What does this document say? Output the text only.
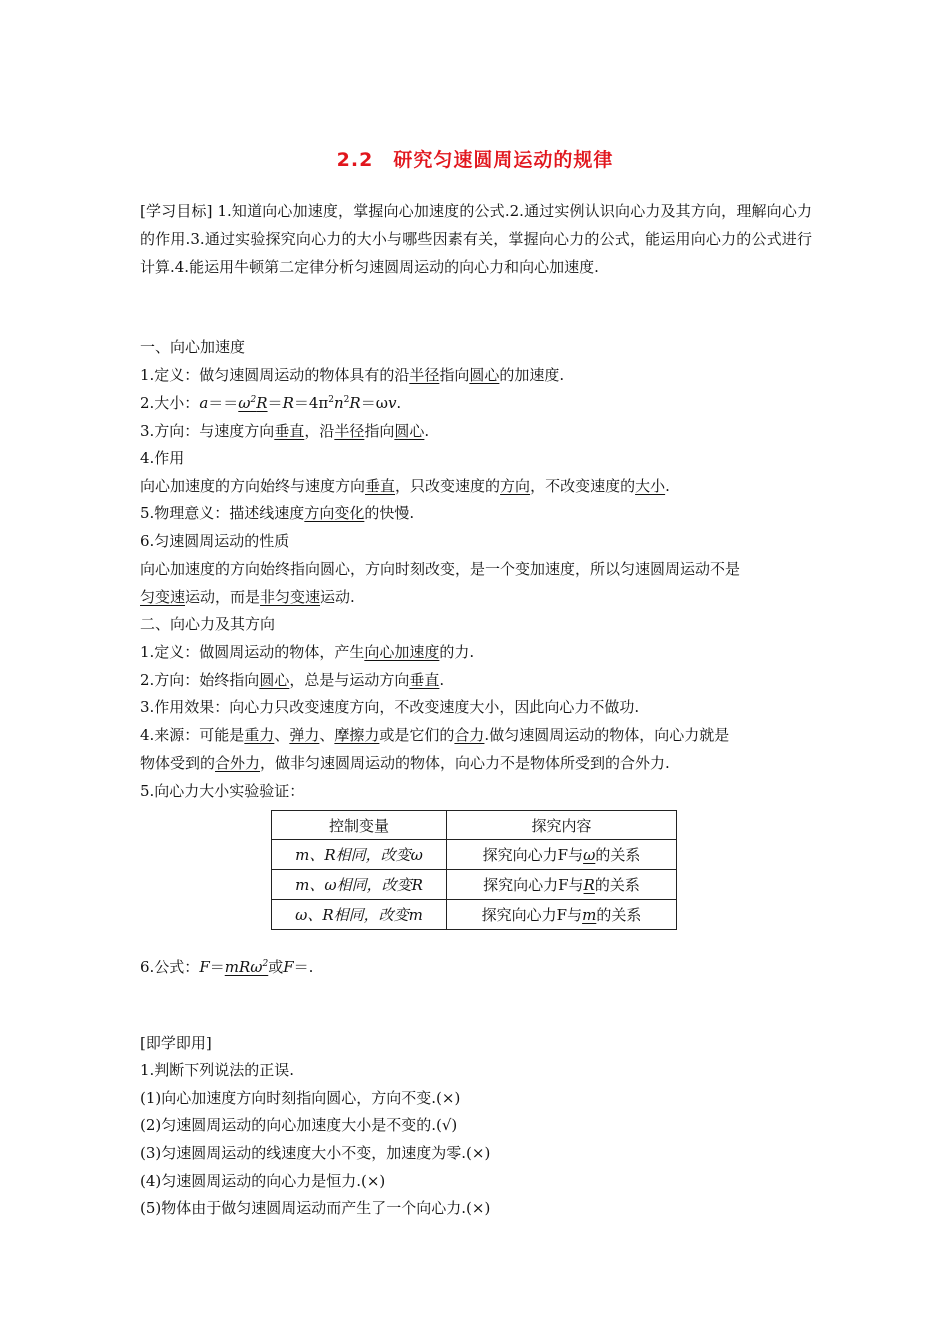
2.2　研究匀速圆周运动的规律
[学习目标] 1.知道向心加速度，掌握向心加速度的公式.2.通过实例认识向心力及其方向，理解向心力的作用.3.通过实验探究向心力的大小与哪些因素有关，掌握向心力的公式，能运用向心力的公式进行计算.4.能运用牛顿第二定律分析匀速圆周运动的向心力和向心加速度.
一、向心加速度
1.定义：做匀速圆周运动的物体具有的沿半径指向圆心的加速度.
2.大小：$a==\omega^2R=R=4\pi^2n^2R=\omega v$.
3.方向：与速度方向垂直，沿半径指向圆心.
4.作用
向心加速度的方向始终与速度方向垂直，只改变速度的方向，不改变速度的大小.
5.物理意义：描述线速度方向变化的快慢.
6.匀速圆周运动的性质
向心加速度的方向始终指向圆心，方向时刻改变，是一个变加速度，所以匀速圆周运动不是
匀变速运动，而是非匀变速运动.
二、向心力及其方向
1.定义：做圆周运动的物体，产生向心加速度的力.
2.方向：始终指向圆心，总是与运动方向垂直.
3.作用效果：向心力只改变速度方向，不改变速度大小，因此向心力不做功.
4.来源：可能是重力、弹力、摩擦力或是它们的合力.做匀速圆周运动的物体，向心力就是
物体受到的合外力，做非匀速圆周运动的物体，向心力不是物体所受到的合外力.
5.向心力大小实验验证：
控制变量	探究内容
m、R相同，改变ω	探究向心力F与ω的关系
m、ω相同，改变R	探究向心力F与R的关系
ω、R相同，改变m	探究向心力F与m的关系
6.公式：F＝mRω$^2$或F＝.
[即学即用]
1.判断下列说法的正误.
(1)向心加速度方向时刻指向圆心，方向不变.(×)
(2)匀速圆周运动的向心加速度大小是不变的.(√)
(3)匀速圆周运动的线速度大小不变，加速度为零.(×)
(4)匀速圆周运动的向心力是恒力.(×)
(5)物体由于做匀速圆周运动而产生了一个向心力.(×)
